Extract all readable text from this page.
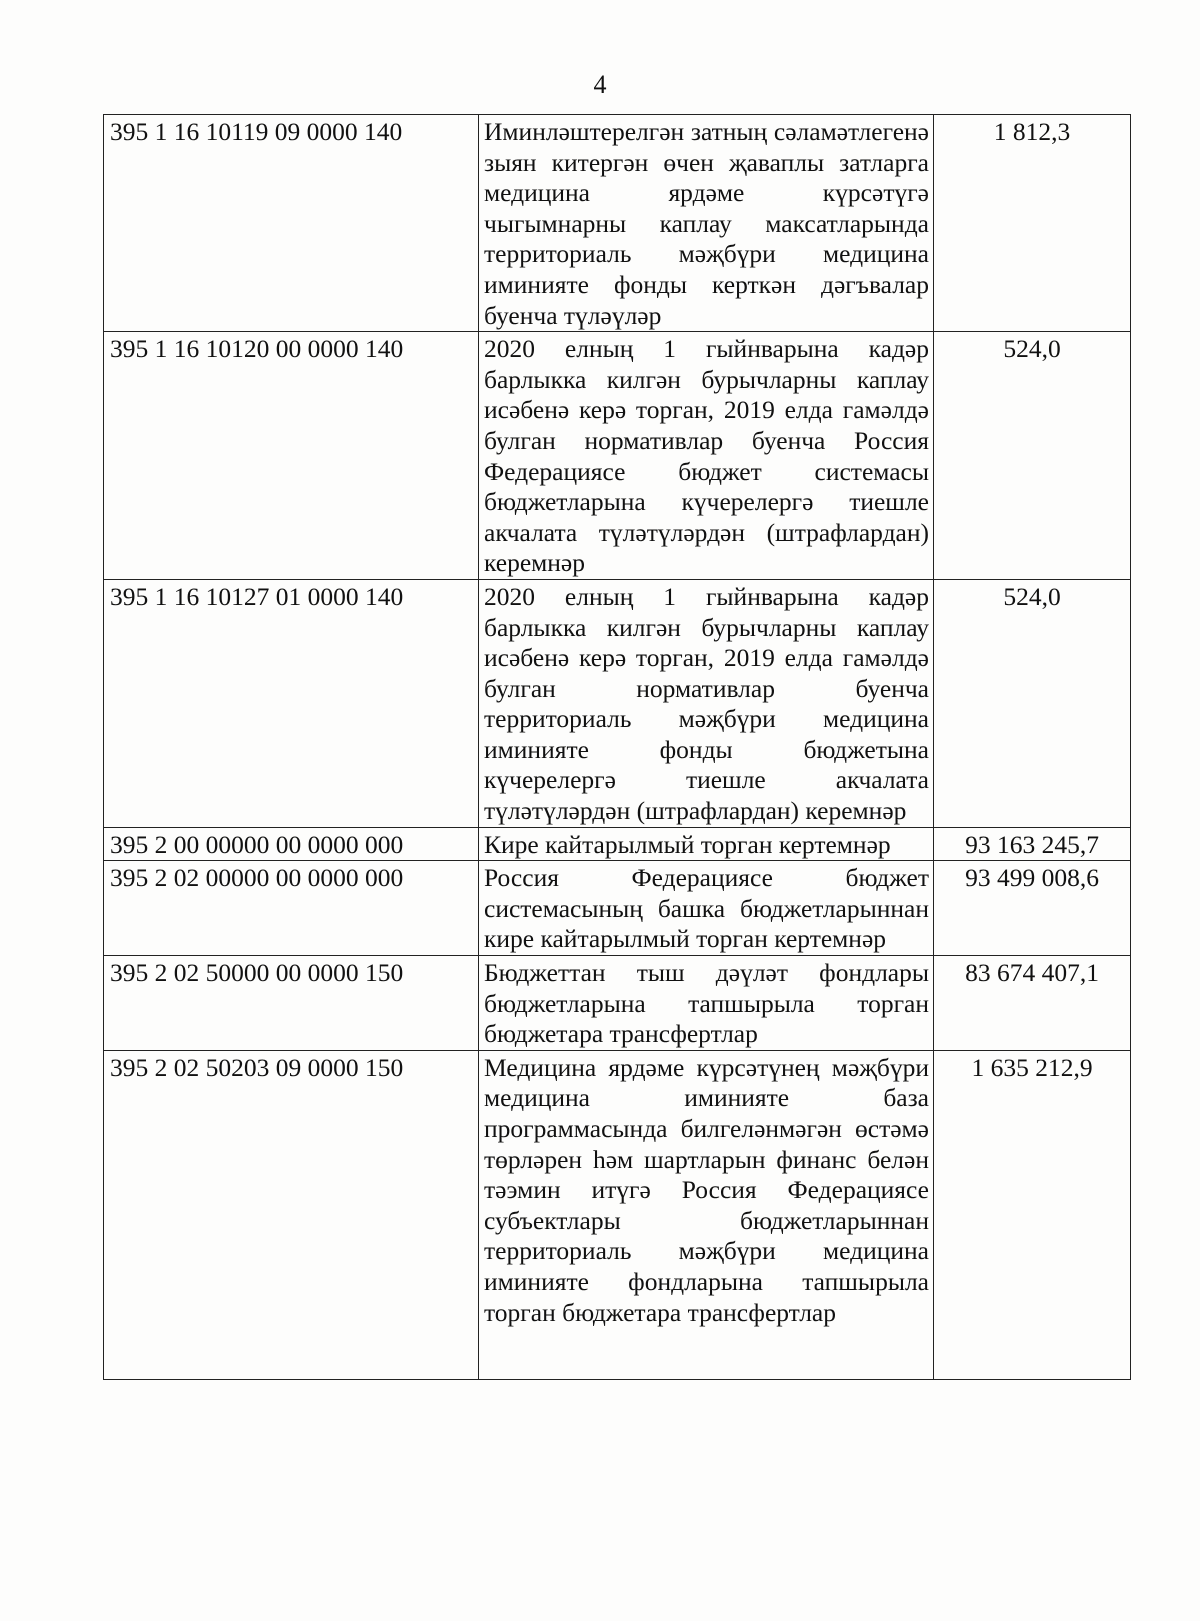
4
395 1 16 10119 09 0000 140	Иминләштерелгән затның сәламәтлегенә зыян китергән өчен җаваплы затларга медицина ярдәме күрсәтүгә чыгымнарны каплау максатларында территориаль мәҗбүри медицина иминияте фонды керткән дәгъвалар буенча түләүләр	1 812,3
395 1 16 10120 00 0000 140	2020 елның 1 гыйнварына кадәр барлыкка килгән бурычларны каплау исәбенә керә торган, 2019 елда гамәлдә булган нормативлар буенча Россия Федерациясе бюджет системасы бюджетларына күчерелергә тиешле акчалата түләтүләрдән (штрафлардан) керемнәр	524,0
395 1 16 10127 01 0000 140	2020 елның 1 гыйнварына кадәр барлыкка килгән бурычларны каплау исәбенә керә торган, 2019 елда гамәлдә булган нормативлар буенча территориаль мәҗбүри медицина иминияте фонды бюджетына күчерелергә тиешле акчалата түләтүләрдән (штрафлардан) керемнәр	524,0
395 2 00 00000 00 0000 000	Кире кайтарылмый торган кертемнәр	93 163 245,7
395 2 02 00000 00 0000 000	Россия Федерациясе бюджет системасының башка бюджетларыннан кире кайтарылмый торган кертемнәр	93 499 008,6
395 2 02 50000 00 0000 150	Бюджеттан тыш дәүләт фондлары бюджетларына тапшырыла торган бюджетара трансфертлар	83 674 407,1
395 2 02 50203 09 0000 150	Медицина ярдәме күрсәтүнең мәҗбүри медицина иминияте база программасында билгеләнмәгән өстәмә төрләрен һәм шартларын финанс белән тәэмин итүгә Россия Федерациясе субъектлары бюджетларыннан территориаль мәҗбүри медицина иминияте фондларына тапшырыла торган бюджетара трансфертлар	1 635 212,9
